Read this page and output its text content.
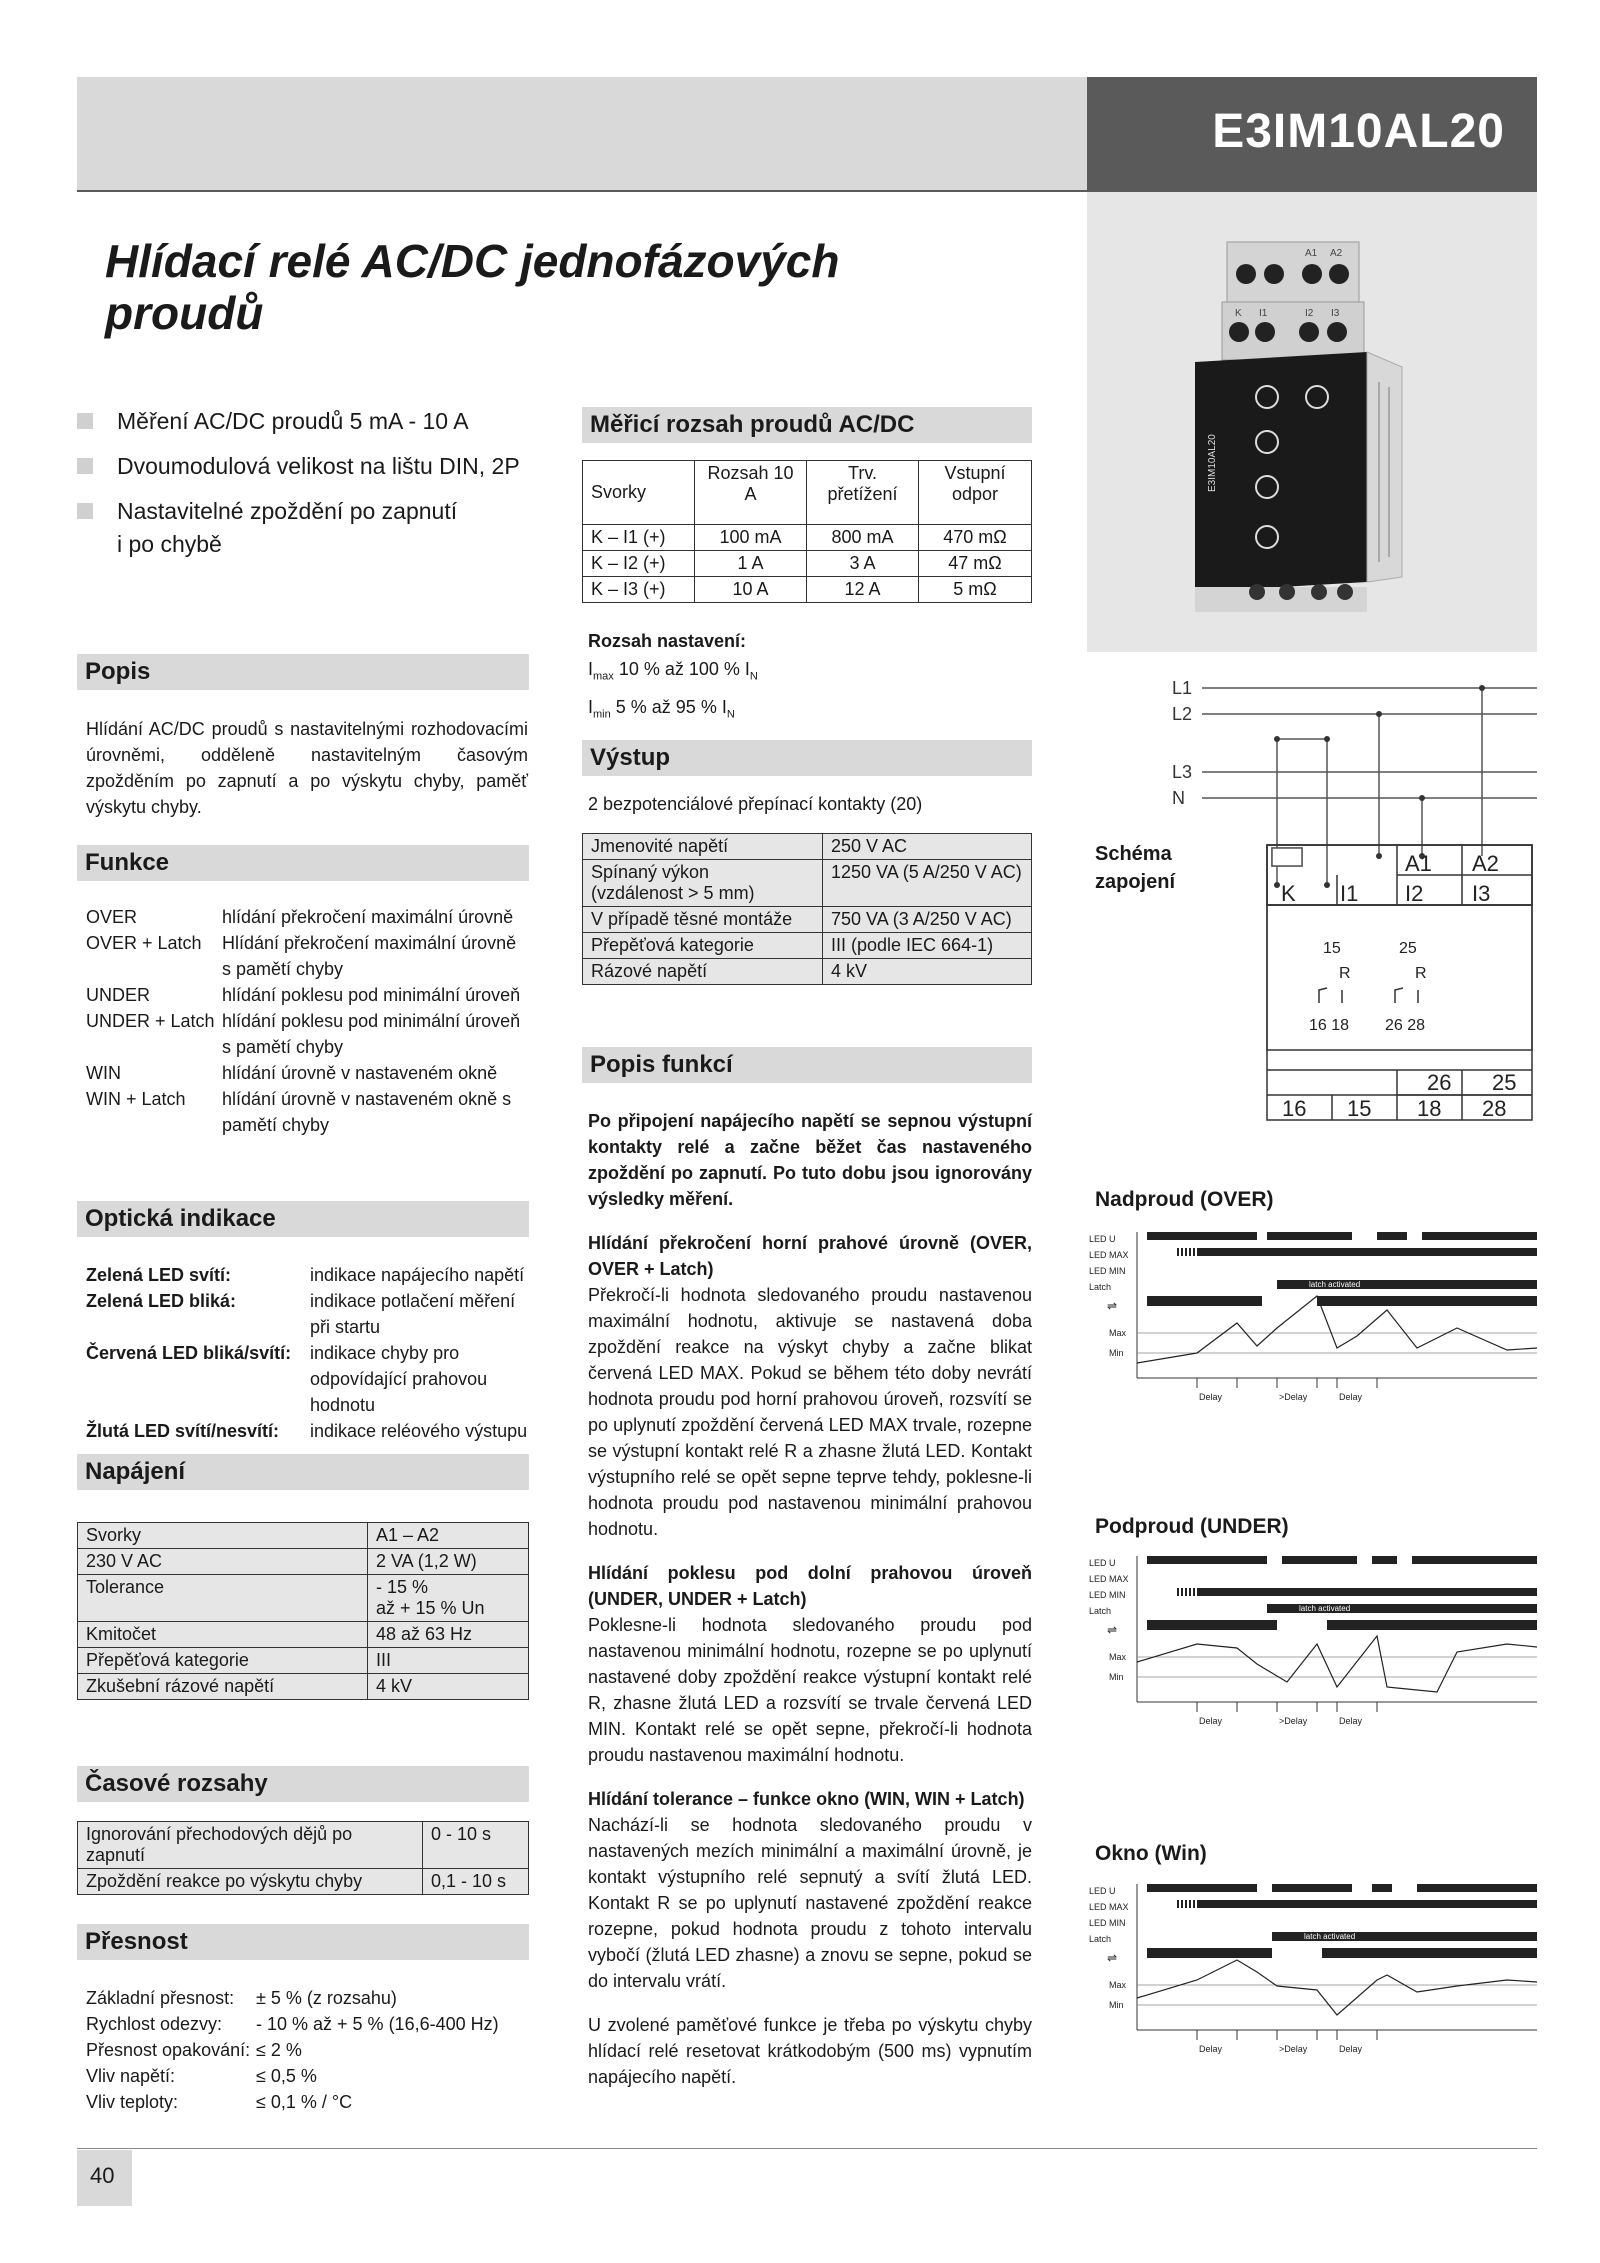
E3IM10AL20
Hlídací relé AC/DC jednofázových
proudů
Měření AC/DC proudů 5 mA - 10 A
Dvoumodulová velikost na lištu DIN, 2P
Nastavitelné zpoždění po zapnutí
i po chybě
Popis
Hlídání AC/DC proudů s nastavitelnými rozhodovacími úrovněmi, odděleně nastavitelným časovým zpožděním po zapnutí a po výskytu chyby, paměť výskytu chyby.
Funkce
OVER	hlídání překročení maximální úrovně
OVER + Latch	Hlídání překročení maximální úrovně s pamětí chyby
UNDER	hlídání poklesu pod minimální úroveň
UNDER + Latch	hlídání poklesu pod minimální úroveň s pamětí chyby
WIN	hlídání úrovně v nastaveném okně
WIN + Latch	hlídání úrovně v nastaveném okně s pamětí chyby
Optická indikace
Zelená LED svítí:	indikace napájecího napětí
Zelená LED bliká:	indikace potlačení měření při startu
Červená LED bliká/svítí:	indikace chyby pro odpovídající prahovou hodnotu
Žlutá LED svítí/nesvítí:	indikace reléového výstupu
Napájení
Svorky	A1 – A2
230 V AC	2 VA (1,2 W)
Tolerance	- 15 %
až + 15 % Un
Kmitočet	48 až 63 Hz
Přepěťová kategorie	III
Zkušební rázové napětí	4 kV
Časové rozsahy
Ignorování přechodových dějů po zapnutí	0 - 10 s
Zpoždění reakce po výskytu chyby	0,1 - 10 s
Přesnost
Základní přesnost:	± 5 % (z rozsahu)
Rychlost odezvy:	- 10 % až + 5 % (16,6-400 Hz)
Přesnost opakování:	≤ 2 %
Vliv napětí:	≤ 0,5 %
Vliv teploty:	≤ 0,1 % / °C
Měřicí rozsah proudů AC/DC
Svorky	Rozsah 10 A	Trv. přetížení	Vstupní odpor
K – I1 (+)	100 mA	800 mA	470 mΩ
K – I2 (+)	1 A	3 A	47 mΩ
K – I3 (+)	10 A	12 A	5 mΩ
Rozsah nastavení:
$I_{max}$ 10 % až 100 % $I_N$
$I_{min}$ 5 % až 95 % $I_N$
Výstup
2 bezpotenciálové přepínací kontakty (20)
Jmenovité napětí	250 V AC
Spínaný výkon
(vzdálenost > 5 mm)	1250 VA (5 A/250 V AC)
V případě těsné montáže	750 VA (3 A/250 V AC)
Přepěťová kategorie	III (podle IEC 664-1)
Rázové napětí	4 kV
Popis funkcí
Po připojení napájecího napětí se sepnou výstupní kontakty relé a začne běžet čas nastaveného zpoždění po zapnutí. Po tuto dobu jsou ignorovány výsledky měření.
Hlídání překročení horní prahové úrovně (OVER, OVER + Latch)
Překročí-li hodnota sledovaného proudu nastavenou maximální hodnotu, aktivuje se nastavená doba zpoždění reakce na výskyt chyby a začne blikat červená LED MAX. Pokud se během této doby nevrátí hodnota proudu pod horní prahovou úroveň, rozsvítí se po uplynutí zpoždění červená LED MAX trvale, rozepne se výstupní kontakt relé R a zhasne žlutá LED. Kontakt výstupního relé se opět sepne teprve tehdy, poklesne-li hodnota proudu pod nastavenou minimální prahovou hodnotu.
Hlídání poklesu pod dolní prahovou úroveň (UNDER, UNDER + Latch)
Poklesne-li hodnota sledovaného proudu pod nastavenou minimální hodnotu, rozepne se po uplynutí nastavené doby zpoždění reakce výstupní kontakt relé R, zhasne žlutá LED a rozsvítí se trvale červená LED MIN. Kontakt relé se opět sepne, překročí-li hodnota proudu nastavenou maximální hodnotu.
Hlídání tolerance – funkce okno (WIN, WIN + Latch)
Nachází-li se hodnota sledovaného proudu v nastavených mezích minimální a maximální úrovně, je kontakt výstupního relé sepnutý a svítí žlutá LED. Kontakt R se po uplynutí nastavené zpoždění reakce rozepne, pokud hodnota proudu z tohoto intervalu vybočí (žlutá LED zhasne) a znovu se sepne, pokud se do intervalu vrátí.
U zvolené paměťové funkce je třeba po výskytu chyby hlídací relé resetovat krátkodobým (500 ms) vypnutím napájecího napětí.
A1 A2
K I1	I2 I3
E3IM10AL20
L1
L2
L3
N
A1 A2
K I1 I2 I3
15
R
25
R
16 18 26 28
26 25
16 15 18 28
Schéma zapojení
Nadproud (OVER)
LED U
LED MAX
LED MIN
Latch
⇌
Max
Min
latch activated
Delay	>Delay	Delay
Podproud (UNDER)
LED U
LED MAX
LED MIN
Latch
⇌
Max
Min
latch activated
Delay	>Delay	Delay
Okno (Win)
LED U
LED MAX
LED MIN
Latch
⇌
Max
Min
latch activated
Delay	>Delay	Delay
40
